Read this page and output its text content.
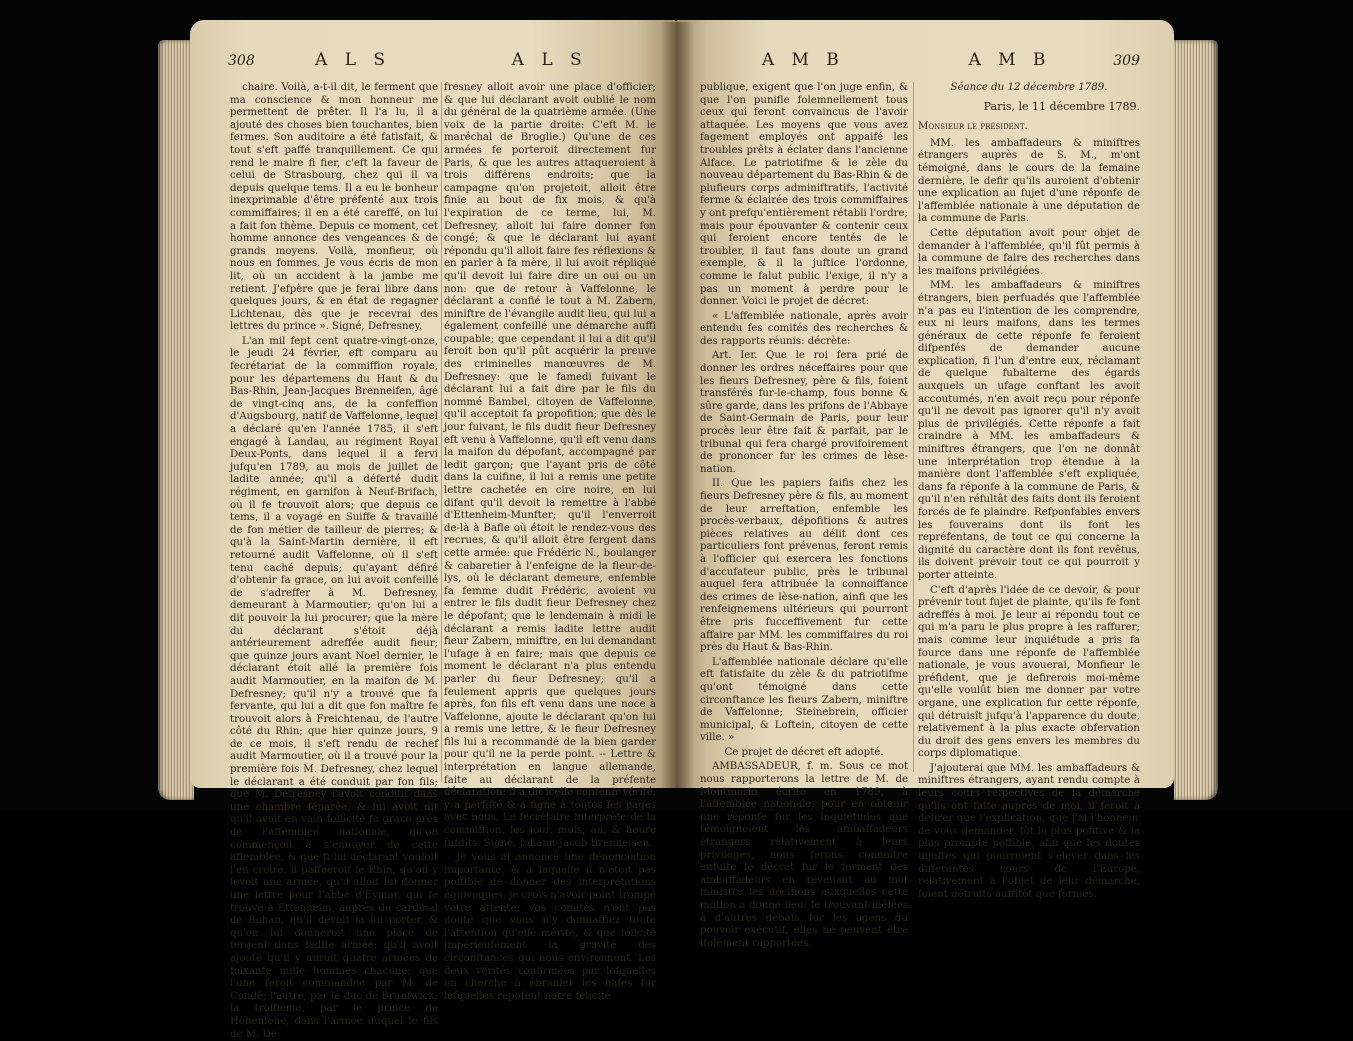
308	A L S	A L S	A M B	A M B	309

chaire. Voilà, a-t-il dit, le ferment que ma conscience & mon honneur me permettent de prêter. Il l'a lu, il a ajouté des choses bien touchantes, bien fermes. Son auditoire a été fatisfait, & tout s'eft paffé tranquillement. Ce qui rend le maire fi fier, c'eft la faveur de celui de Strasbourg, chez qui il va depuis quelque tems. Il a eu le bonheur inexprimable d'être préfenté aux trois commiffaires; il en a été careffé, on lui a fait fon thème. Depuis ce moment, cet homme annonce des vengeances & de grands moyens. Voilà, monfieur, où nous en fommes. Je vous écris de mon lit, où un accident à la jambe me retient. J'efpère que je ferai libre dans quelques jours, & en état de regagner Lichtenau, dès que je recevrai des lettres du prince ». Signé, Defresney.

L'an mil fept cent quatre-vingt-onze, le jeudi 24 février, eft comparu au fecrétariat de la commiffion royale, pour les départemens du Haut & du Bas-Rhin, Jean-Jacques Brenneifen, âgé de vingt-cinq ans, de la confeffion d'Augsbourg, natif de Vaffelonne, lequel a déclaré qu'en l'année 1785, il s'eft engagé à Landau, au régiment Royal Deux-Ponts, dans lequel il a fervi jufqu'en 1789, au mois de juillet de ladite année; qu'il a déferté dudit régiment, en garnifon à Neuf-Brifach, où il fe trouvoit alors; que depuis ce tems, il a voyagé en Suiffe & travaillé de fon métier de tailleur de pierres; & qu'à la Saint-Martin dernière, il eft retourné audit Vaffelonne, où il s'eft tenu caché depuis; qu'ayant défiré d'obtenir fa grace, on lui avoit confeillé de s'adreffer à M. Defresney, demeurant à Marmoutier; qu'on lui a dit pouvoir la lui procurer; que la mère du déclarant s'étoit déjà antérieurement adreffée audit fieur; que quinze jours avant Noel dernier, le déclarant étoit allé la première fois audit Marmoutier, en la maifon de M. Defresney; qu'il n'y a trouvé que fa fervante, qui lui a dit que fon maître fe trouvoit alors à Freichtenau, de l'autre côté du Rhin; que hier quinze jours, 9 de ce mois, il s'eft rendu de rechef audit Marmoutier, où il a trouvé pour la première fois M. Defresney, chez lequel le déclarant a été conduit par fon fils; que M. Defresney l'avoit conduit dans une chambre féparée, & lui avoit dit qu'il avoit en vain follicité fa grace près de l'affemblée nationale, qu'on commençoit à s'ennuyer de cette affemblée, & que fi lui déclarant vouloit l'en croire, il paffeeroit le Rhin, qu'on y levoit une armée, qu'il alloit lui donner une lettre pour l'abbé d'Eymar, qui fe trouve à Ettenheim, auprès du cardinal de Rohan, qu'il devoit la lui porter, & qu'on lui donneroit une place de fergent dans ladite armée; qu'il avoit ajouté qu'il y auroit quatre armées de foixante mille hommes chacune; que l'une feroit commandée par M. de Condé; l'autre, par le duc de Brunfwick; la troifième, par le prince de Hohenlohe, dans l'armée duquel le fils de M. De-

fresney alloit avoir une place d'officier; & que lui déclarant avoit oublié le nom du général de la quatrième armée. (Une voix de la partie droite: C'eft M. le maréchal de Broglie.) Qu'une de ces armées fe porteroit directement fur Paris, & que les autres attaqueroient à trois différens endroits; que la campagne qu'on projetoit, alloit être finie au bout de fix mois, & qu'à l'expiration de ce terme, lui, M. Defresney, alloit lui faire donner fon congé; & que le déclarant lui ayant répondu qu'il alloit faire fes réflexions & en parler à fa mère, il lui avoit répliqué qu'il devoit lui faire dire un oui ou un non: que de retour à Vaffelonne, le déclarant a confié le tout à M. Zabern, miniftre de l'évangile audit lieu, qui lui a également confeillé une démarche auffi coupable; que cependant il lui a dit qu'il feroit bon qu'il pût acquérir la preuve des criminelles manœuvres de M. Defresney: que le famedi fuivant le déclarant lui a fait dire par le fils du nommé Bambel, citoyen de Vaffelonne, qu'il acceptoit fa propofition; que dès le jour fuivant, le fils dudit fieur Defresney eft venu à Vaffelonne, qu'il eft venu dans la maifon du dépofant, accompagné par ledit garçon; que l'ayant pris de côté dans la cuifine, il lui a remis une petite lettre cachetée en cire noire, en lui difant qu'il devoit la remettre à l'abbé d'Ettenheim-Munfter; qu'il l'enverroit de-là à Bafle où étoit le rendez-vous des recrues, & qu'il alloit être fergent dans cette armée: que Frédéric N., boulanger & cabaretier à l'enfeigne de la fleur-de-lys, où le déclarant demeure, enfemble fa femme dudit Frédéric, avoient vu entrer le fils dudit fieur Defresney chez le dépofant; que le lendemain à midi le déclarant a remis ladite lettre audit fieur Zabern, miniftre, en lui demandant l'ufage à en faire; mais que depuis ce moment le déclarant n'a plus entendu parler du fieur Defresney; qu'il a feulement appris que quelques jours après, fon fils eft venu dans une noce à Vaffelonne, ajoute le déclarant qu'on lui a remis une lettre, & le fieur Defresney fils lui a recommandé de la bien garder pour qu'il ne la perde point. -- Lettre & interprétation en langue allemande, faite au déclarant de la préfente déclaration: il a dit icelle contenir vérité, y a perfifté & a figné à toutes les pages avec nous. Le fecrétaire interprète de la commiffion, les jour, mois, an, & heure fufdits. Signé, Johann-Jacob Brenneisen.

Je vous ai annoncé une dénonciation importante, & à laquelle il n'étoit pas poffible de donner des interprétations équivoques: je crois n'avoir point trompé votre attente; vos comités n'ont pas douté que vous n'y donnaffiez toute l'attention qu'elle mérite, & que folicite impérieufement la gravité des circonftances qui nous environnent. Les deux vérités confirmées par lefquelles on cherche à ébranler les bafes fur lefquelles repofent notre félicité

publique, exigent que l'on juge enfin, & que l'on punifle folemnellement tous ceux qui feront convaincus de l'avoir attaquée. Les moyens que vous avez fagement employés ont appaifé les troubles prêts à éclater dans l'ancienne Alface. Le patriotifme & le zèle du nouveau département du Bas-Rhin & de plufieurs corps adminiftratifs, l'activité ferme & éclairée des trois commiffaires y ont prefqu'entièrement rétabli l'ordre; mais pour épouvanter & contenir ceux qui feroient encore tentés de le troubler, il faut fans doute un grand exemple, & il la juftice l'ordonne, comme le falut public l'exige, il n'y a pas un moment à perdre pour le donner. Voici le projet de décret:

« L'affemblée nationale, après avoir entendu fes comités des recherches & des rapports réunis: décrète:

Art. Ier. Que le roi fera prié de donner les ordres néceffaires pour que les fieurs Defresney, père & fils, foient transférés fur-le-champ, fous bonne & sûre garde, dans les prifons de l'Abbaye de Saint-Germain de Paris, pour leur procès leur être fait & parfait, par le tribunal qui fera chargé provifoirement de prononcer fur les crimes de lèse-nation.

II. Que les papiers faifis chez les fieurs Defresney père & fils, au moment de leur arreftation, enfemble les procès-verbaux, dépofitions & autres pièces relatives au délit dont ces particuliers font prévenus, feront remis à l'officier qui exercera les fonctions d'accufateur public, près le tribunal auquel fera attribuée la connoiffance des crimes de lèse-nation, ainfi que les renfeignemens ultérieurs qui pourront être pris fucceffivement fur cette affaire par MM. les commiffaires du roi près du Haut & Bas-Rhin.

L'affemblée nationale déclare qu'elle eft fatisfaite du zèle & du patriotifme qu'ont témoigné dans cette circonftance les fieurs Zabern, miniftre de Vaffelonne; Steinebrein, officier municipal, & Loftein, citoyen de cette ville. »

Ce projet de décret eft adopté.

AMBASSADEUR, f. m. Sous ce mot nous rapporterons la lettre de M. de Montmorin écrite en 1789, à l'affemblée nationale, pour en obtenir une réponfe fur les inquiétudes que témoignoient les ambaffadeurs étrangers relativement à leurs privilèges, nous ferons connoître enfuite le décret fur le ferment des ambaffadeurs en revenant au mot ministre les décifions auxquelles cette motion a donné lieu: fe trouvant mêlées à d'autres débats fur les agens du pouvoir exécutif, elles ne peuvent être ifolément rapportées.

Séance du 12 décembre 1789.
Paris, le 11 décembre 1789.
Monsieur le président.

MM. les ambaffadeurs & miniftres étrangers auprès de S. M., m'ont témoigné, dans le cours de la femaine dernière, le defir qu'ils auroient d'obtenir une explication au fujet d'une réponfe de l'affemblée nationale à une députation de la commune de Paris.

Cette députation avoit pour objet de demander à l'affemblée, qu'il fût permis à la commune de faire des recherches dans les maifons privilégiées.

MM. les ambaffadeurs & miniftres étrangers, bien perfuadés que l'affemblée n'a pas eu l'intention de les comprendre, eux ni leurs maifons, dans les termes généraux de cette réponfe fe feroient difpenfés de demander aucune explication, fi l'un d'entre eux, réclamant de quelque fubalterne des égards auxquels un ufage conftant les avoit accoutumés, n'en avoit reçu pour réponfe qu'il ne devoit pas ignorer qu'il n'y avoit plus de privilégiés. Cette réponfe a fait craindre à MM. les ambaffadeurs & miniftres étrangers, que l'on ne donnât une interprétation trop étendue à la manière dont l'affemblée s'eft expliquée, dans fa réponfe à la commune de Paris, & qu'il n'en réfultât des faits dont ils feroient forcés de fe plaindre. Refponfables envers les fouverains dont ils font les repréfentans, de tout ce qui concerne la dignité du caractère dont ils font revêtus, ils doivent prévoir tout ce qui pourroit y porter atteinte.

C'eft d'après l'idée de ce devoir, & pour prévenir tout fujet de plainte, qu'ils fe font adreffés à moi. Je leur ai répondu tout ce qui m'a paru le plus propre à les raffurer; mais comme leur inquiétude a pris fa fource dans une réponfe de l'affemblée nationale, je vous avouerai, Monfieur le préfident, que je defirerois moi-même qu'elle voulût bien me donner par votre organe, une explication fur cette réponfe, qui détruisît jufqu'à l'apparence du doute, relativement à la plus exacte obfervation du droit des gens envers les membres du corps diplomatique.

J'ajouterai que MM. les ambaffadeurs & miniftres étrangers, ayant rendu compte à leurs cours refpectives de la démarche qu'ils ont faite auprès de moi, il feroit à defirer que l'explication, que j'ai l'honneur de vous demander, fût la plus pofitive & la plus prompte poffible, afin que les doutes injuftes qui pourroient s'élever dans les différentes cours de l'Europe, relativement à l'objet de leur démarche, foient détruits auffitôt que formés.
